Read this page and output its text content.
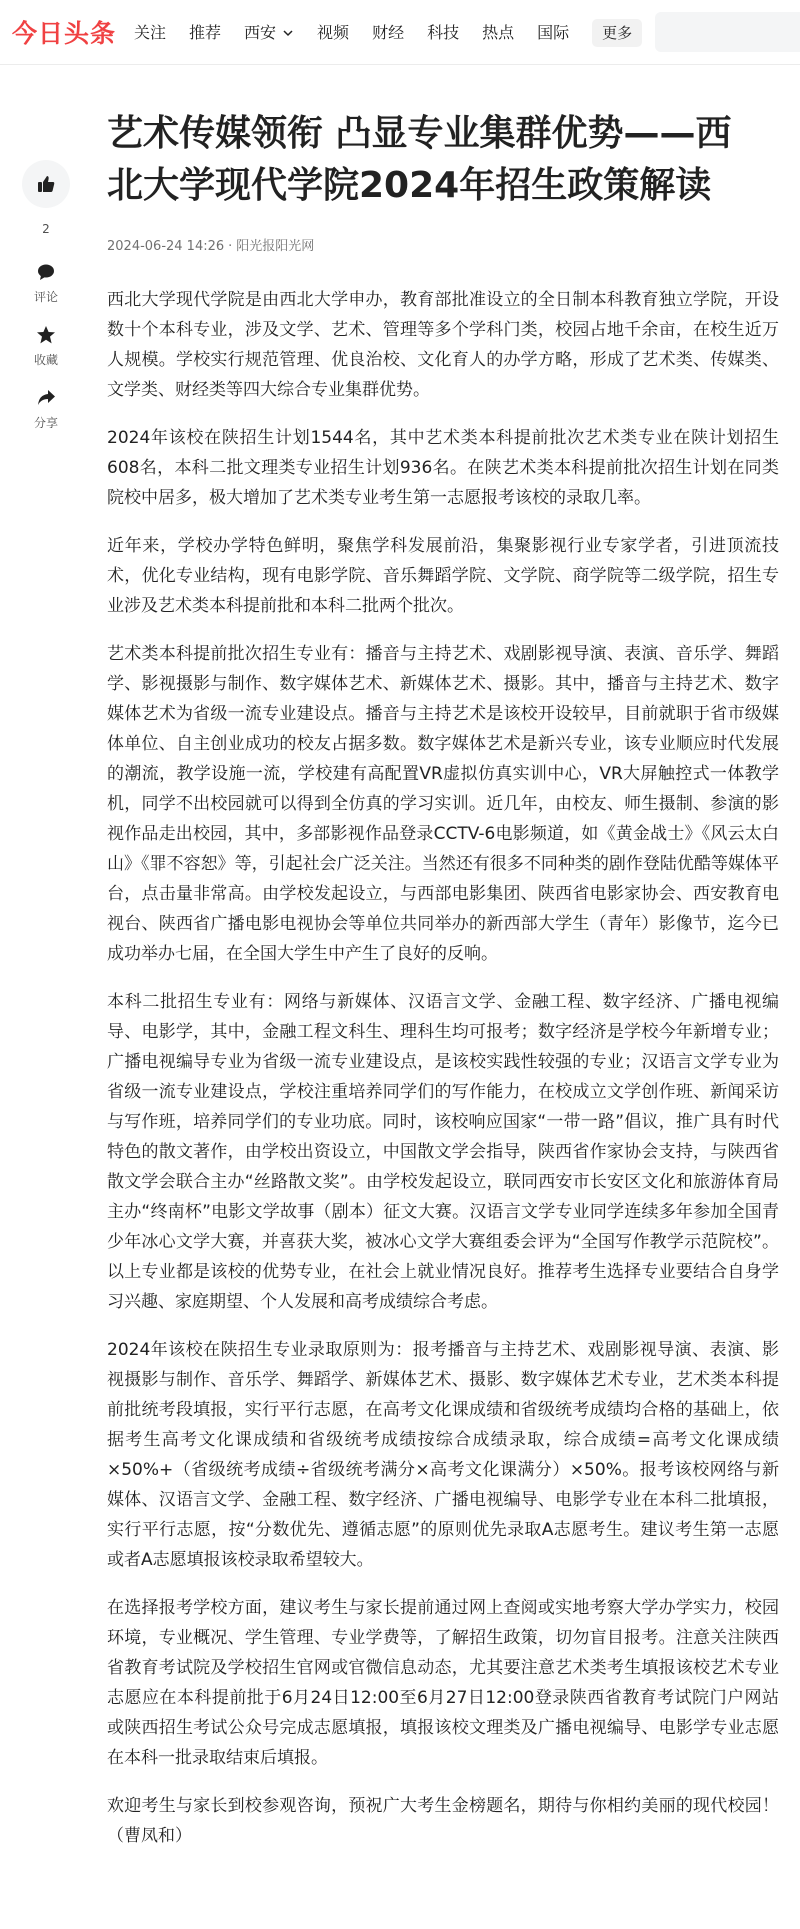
今日头条 关注 推荐 西安	视频 财经 科技 热点 国际	更多
2
评论
收藏
分享
艺术传媒领衔 凸显专业集群优势——西北大学现代学院2024年招生政策解读
2024-06-24 14:26 · 阳光报阳光网

西北大学现代学院是由西北大学申办，教育部批准设立的全日制本科教育独立学院，开设数十个本科专业，涉及文学、艺术、管理等多个学科门类，校园占地千余亩，在校生近万人规模。学校实行规范管理、优良治校、文化育人的办学方略，形成了艺术类、传媒类、文学类、财经类等四大综合专业集群优势。

2024年该校在陕招生计划1544名，其中艺术类本科提前批次艺术类专业在陕计划招生608名，本科二批文理类专业招生计划936名。在陕艺术类本科提前批次招生计划在同类院校中居多，极大增加了艺术类专业考生第一志愿报考该校的录取几率。

近年来，学校办学特色鲜明，聚焦学科发展前沿，集聚影视行业专家学者，引进顶流技术，优化专业结构，现有电影学院、音乐舞蹈学院、文学院、商学院等二级学院，招生专业涉及艺术类本科提前批和本科二批两个批次。

艺术类本科提前批次招生专业有：播音与主持艺术、戏剧影视导演、表演、音乐学、舞蹈学、影视摄影与制作、数字媒体艺术、新媒体艺术、摄影。其中，播音与主持艺术、数字媒体艺术为省级一流专业建设点。播音与主持艺术是该校开设较早，目前就职于省市级媒体单位、自主创业成功的校友占据多数。数字媒体艺术是新兴专业，该专业顺应时代发展的潮流，教学设施一流，学校建有高配置VR虚拟仿真实训中心，VR大屏触控式一体教学机，同学不出校园就可以得到全仿真的学习实训。近几年，由校友、师生摄制、参演的影视作品走出校园，其中，多部影视作品登录CCTV-6电影频道，如《黄金战士》《风云太白山》《罪不容恕》等，引起社会广泛关注。当然还有很多不同种类的剧作登陆优酷等媒体平台，点击量非常高。由学校发起设立，与西部电影集团、陕西省电影家协会、西安教育电视台、陕西省广播电影电视协会等单位共同举办的新西部大学生（青年）影像节，迄今已成功举办七届，在全国大学生中产生了良好的反响。

本科二批招生专业有：网络与新媒体、汉语言文学、金融工程、数字经济、广播电视编导、电影学，其中，金融工程文科生、理科生均可报考；数字经济是学校今年新增专业；广播电视编导专业为省级一流专业建设点，是该校实践性较强的专业；汉语言文学专业为省级一流专业建设点，学校注重培养同学们的写作能力，在校成立文学创作班、新闻采访与写作班，培养同学们的专业功底。同时，该校响应国家“一带一路”倡议，推广具有时代特色的散文著作，由学校出资设立，中国散文学会指导，陕西省作家协会支持，与陕西省散文学会联合主办“丝路散文奖”。由学校发起设立，联同西安市长安区文化和旅游体育局主办“终南杯”电影文学故事（剧本）征文大赛。汉语言文学专业同学连续多年参加全国青少年冰心文学大赛，并喜获大奖，被冰心文学大赛组委会评为“全国写作教学示范院校”。以上专业都是该校的优势专业，在社会上就业情况良好。推荐考生选择专业要结合自身学习兴趣、家庭期望、个人发展和高考成绩综合考虑。

2024年该校在陕招生专业录取原则为：报考播音与主持艺术、戏剧影视导演、表演、影视摄影与制作、音乐学、舞蹈学、新媒体艺术、摄影、数字媒体艺术专业，艺术类本科提前批统考段填报，实行平行志愿，在高考文化课成绩和省级统考成绩均合格的基础上，依据考生高考文化课成绩和省级统考成绩按综合成绩录取，综合成绩=高考文化课成绩×50%+（省级统考成绩÷省级统考满分×高考文化课满分）×50%。报考该校网络与新媒体、汉语言文学、金融工程、数字经济、广播电视编导、电影学专业在本科二批填报，实行平行志愿，按“分数优先、遵循志愿”的原则优先录取A志愿考生。建议考生第一志愿或者A志愿填报该校录取希望较大。

在选择报考学校方面，建议考生与家长提前通过网上查阅或实地考察大学办学实力，校园环境，专业概况、学生管理、专业学费等，了解招生政策，切勿盲目报考。注意关注陕西省教育考试院及学校招生官网或官微信息动态，尤其要注意艺术类考生填报该校艺术专业志愿应在本科提前批于6月24日12:00至6月27日12:00登录陕西省教育考试院门户网站或陕西招生考试公众号完成志愿填报，填报该校文理类及广播电视编导、电影学专业志愿在本科一批录取结束后填报。

欢迎考生与家长到校参观咨询，预祝广大考生金榜题名，期待与你相约美丽的现代校园！（曹凤和）
